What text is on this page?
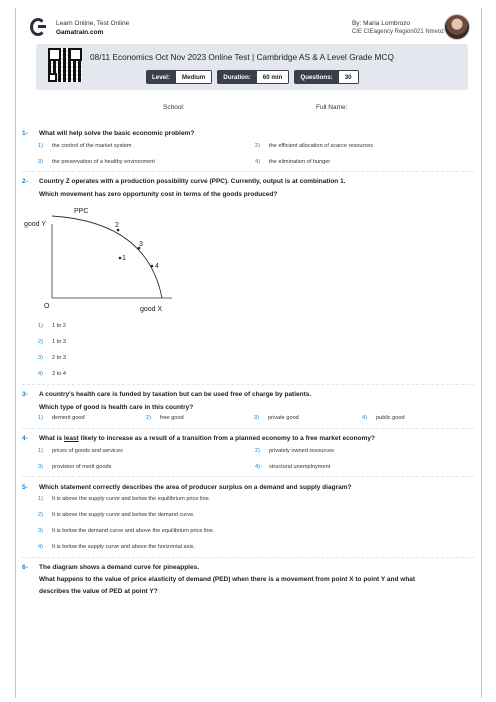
Learn Online, Test Online
Gamatrain.com
By: Maria Lombrozo
CIE CIEagency Region021 Nmvoz
08/11 Economics Oct Nov 2023 Online Test | Cambridge AS & A Level Grade MCQ
Level:	Medium	Duration:	60 min	Questions:	30
School:	Full Name:
1- What will help solve the basic economic problem?
1) the control of the market system	2) the efficient allocation of scarce resources
3) the preservation of a healthy environment	4) the elimination of hunger
2- Country Z operates with a production possibility curve (PPC). Currently, output is at combination 1.
Which movement has zero opportunity cost in terms of the goods produced?
PPC
good Y
good X
O
2
3
1
4
1) 1 to 2
2) 1 to 3
3) 2 to 3
4) 3 to 4
3- A country's health care is funded by taxation but can be used free of charge by patients.
Which type of good is health care in this country?
1) demerit good	2) free good	3) private good	4) public good
4- What is least likely to increase as a result of a transition from a planned economy to a free market economy?
1) prices of goods and services	2) privately owned resources
3) provision of merit goods	4) structural unemployment
5- Which statement correctly describes the area of producer surplus on a demand and supply diagram?
1) It is above the supply curve and below the equilibrium price line.
2) It is above the supply curve and below the demand curve.
3) It is below the demand curve and above the equilibrium price line.
4) It is below the supply curve and above the horizontal axis.
6- The diagram shows a demand curve for pineapples.
What happens to the value of price elasticity of demand (PED) when there is a movement from point X to point Y and what
describes the value of PED at point Y?
